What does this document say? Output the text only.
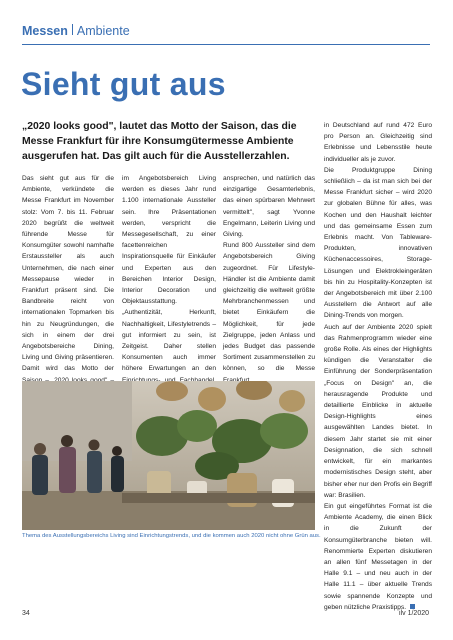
Messen Ambiente
Sieht gut aus

„2020 looks good", lautet das Motto der Saison, das die Messe Frankfurt für ihre Konsumgütermesse Ambiente ausgerufen hat. Das gilt auch für die Ausstellerzahlen.

Das sieht gut aus für die Ambiente, verkündete die Messe Frankfurt im November stolz: Vom 7. bis 11. Februar 2020 begrüßt die weltweit führende Messe für Konsumgüter sowohl namhafte Erstaussteller als auch Unternehmen, die nach einer Messepause wieder in Frankfurt präsent sind. Die Bandbreite reicht von internationalen Topmarken bis hin zu Neugründungen, die sich in einem der drei Angebotsbereiche Dining, Living und Giving präsentieren. Damit wird das Motto der

im Angebotsbereich Living werden es dieses Jahr rund 1.100 internationale Aussteller sein. Ihre Präsentationen werden, verspricht die Messegesellschaft, zu einer facettenreichen Inspirationsquelle für Einkäufer und Experten aus den Bereichen Interior Design, Interior Decoration und Objektausstattung.
„Authentizität, Herkunft, Nachhaltigkeit, Lifestyletrends – gut informiert zu sein, ist Zeitgeist. Daher stellen Konsumenten auch immer höhere Erwartungen an den
ansprechen, und natürlich das einzigartige Gesamterlebnis, das einen spürbaren Mehrwert vermittelt", sagt Yvonne Engelmann, Leiterin Living und Giving.
Rund 800 Aussteller sind dem Angebotsbereich Giving zugeordnet. Für Lifestyle-Händler ist die Ambiente damit gleichzeitig die weltweit größte Mehrbranchenmessen und bietet Einkäufern die Möglichkeit, für jede Zielgruppe, jeden Anlass und jedes Budget das passende Sortiment zusammenstellen zu können, so die Messe

in Deutschland auf rund 472 Euro pro Person an. Gleichzeitig sind Erlebnisse und Lebensstile heute individueller als je zuvor.
Die Produktgruppe Dining schließlich – da ist man sich bei der Messe Frankfurt sicher – wird 2020 zur globalen Bühne für alles, was Kochen und den Haushalt leichter und das gemeinsame Essen zum Erlebnis macht. Von Tableware-Produkten, innovativen Küchenaccessoires, Storage-Lösungen und Elektrokleingeräten bis hin zu Hospitality-Konzepten ist der Angebotsbereich mit über 2.100 Ausstellern die Antwort auf alle Dining-Trends von morgen.
Auch auf der Ambiente 2020 spielt das Rahmenprogramm wieder eine große Rolle. Als eines der Highlights kündigen die Veranstalter die Einführung der Sonderpräsentation „Focus on Design" an, die herausragende Produkte und detaillierte Einblicke in aktuelle Design-Highlights eines ausgewählten Landes bietet. In diesem Jahr startet sie mit einer Designnation, die sich schnell entwickelt, für ein markantes modernistisches Design steht, aber bisher eher nur den Profis ein Begriff war: Brasilien.
Ein gut eingeführtes Format ist die Ambiente Academy, die einen Blick in die Zukunft der Konsumgüterbranche bieten will. Renommierte Experten diskutieren an allen fünf Messetagen in der Halle 9.1 – und neu auch in der Halle 11.1 – über aktuelle Trends sowie spannende Konzepte und geben nützliche Praxistipps.

Thema des Ausstellungsbereichs Living sind Einrichtungstrends, und die kommen auch 2020 nicht ohne Grün aus.

34	ilv 1/2020
